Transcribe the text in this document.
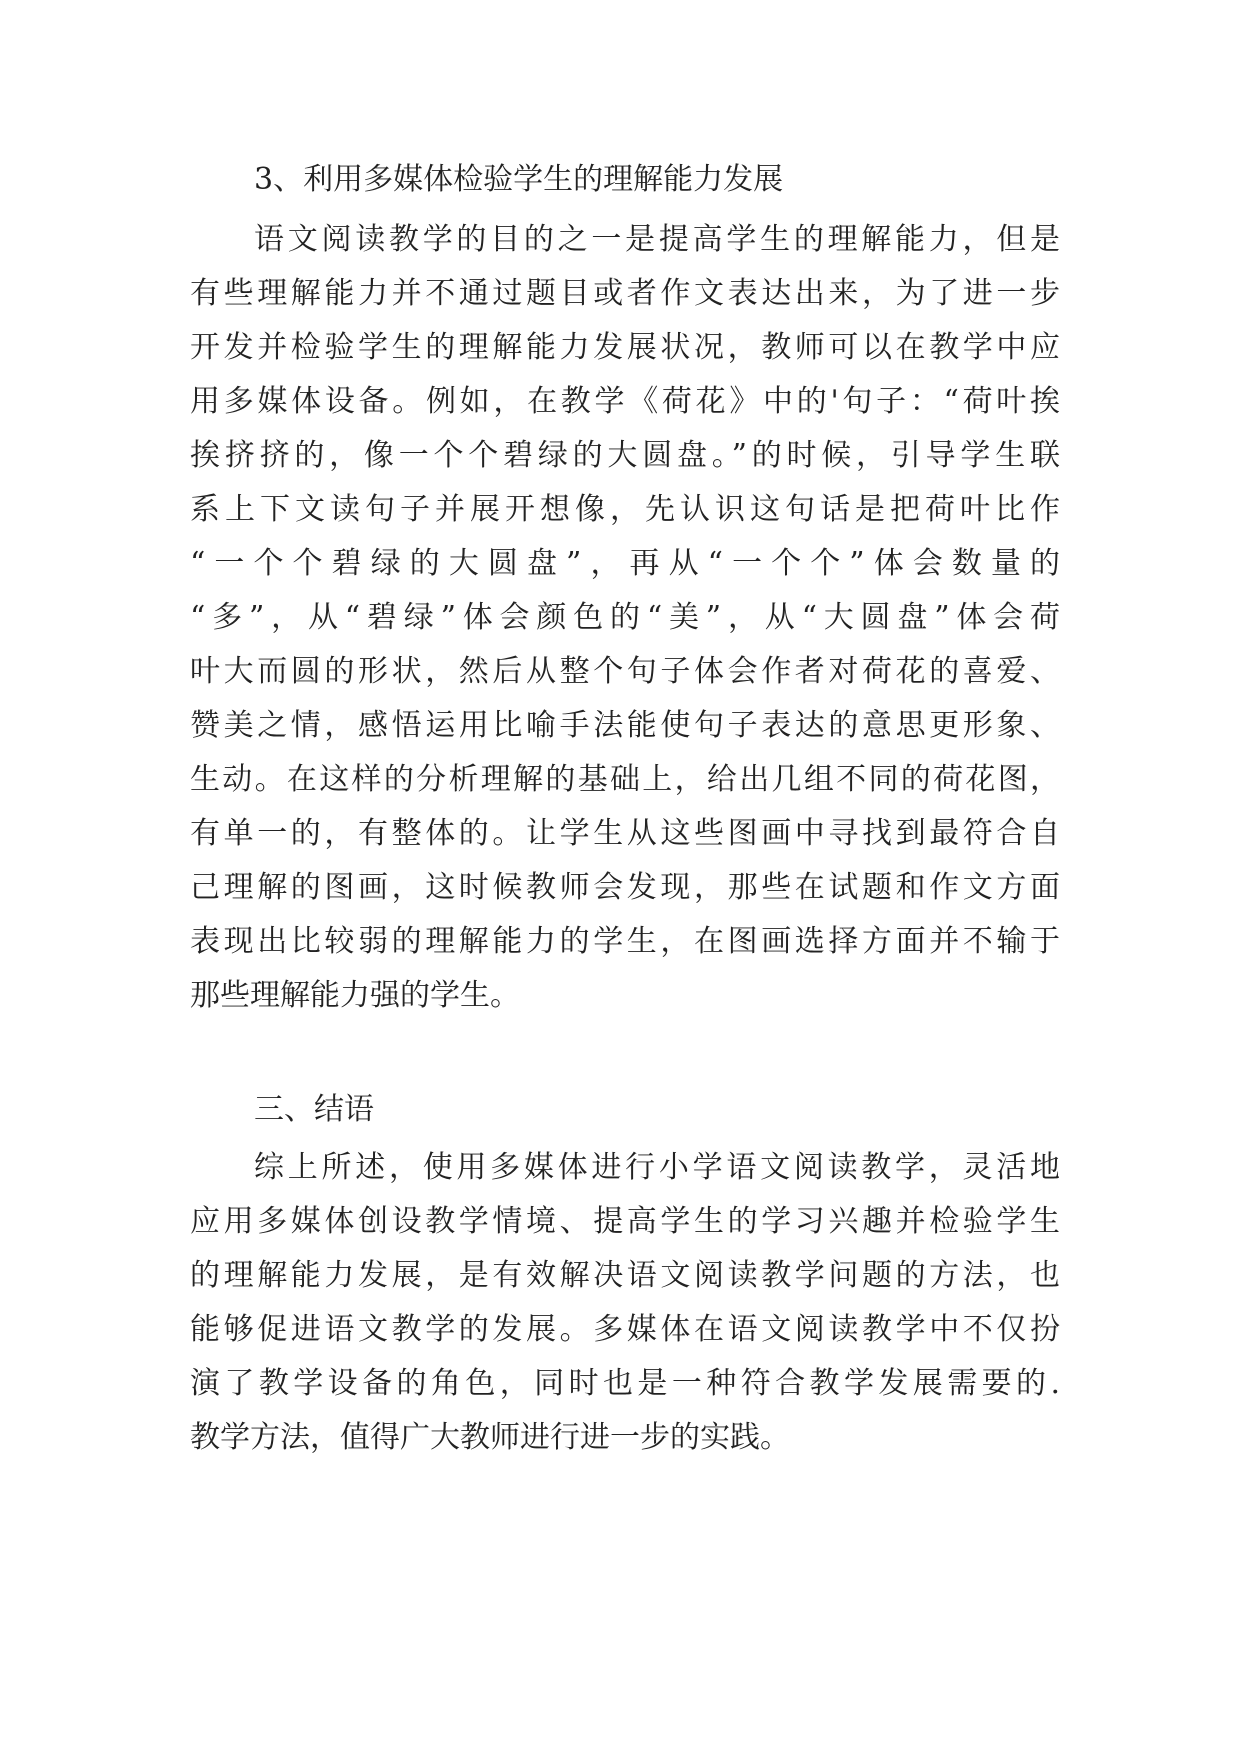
3、利用多媒体检验学生的理解能力发展
语文阅读教学的目的之一是提高学生的理解能力，但是
有些理解能力并不通过题目或者作文表达出来，为了进一步
开发并检验学生的理解能力发展状况，教师可以在教学中应
用多媒体设备。例如，在教学《荷花》中的'句子：“荷叶挨
挨挤挤的，像一个个碧绿的大圆盘。”的时候，引导学生联
系上下文读句子并展开想像，先认识这句话是把荷叶比作
“一个个碧绿的大圆盘”，再从“一个个”体会数量的
“多”，从“碧绿”体会颜色的“美”，从“大圆盘”体会荷
叶大而圆的形状，然后从整个句子体会作者对荷花的喜爱、
赞美之情，感悟运用比喻手法能使句子表达的意思更形象、
生动。在这样的分析理解的基础上，给出几组不同的荷花图，
有单一的，有整体的。让学生从这些图画中寻找到最符合自
己理解的图画，这时候教师会发现，那些在试题和作文方面
表现出比较弱的理解能力的学生，在图画选择方面并不输于
那些理解能力强的学生。
三、结语
综上所述，使用多媒体进行小学语文阅读教学，灵活地
应用多媒体创设教学情境、提高学生的学习兴趣并检验学生
的理解能力发展，是有效解决语文阅读教学问题的方法，也
能够促进语文教学的发展。多媒体在语文阅读教学中不仅扮
演了教学设备的角色，同时也是一种符合教学发展需要的.
教学方法，值得广大教师进行进一步的实践。
